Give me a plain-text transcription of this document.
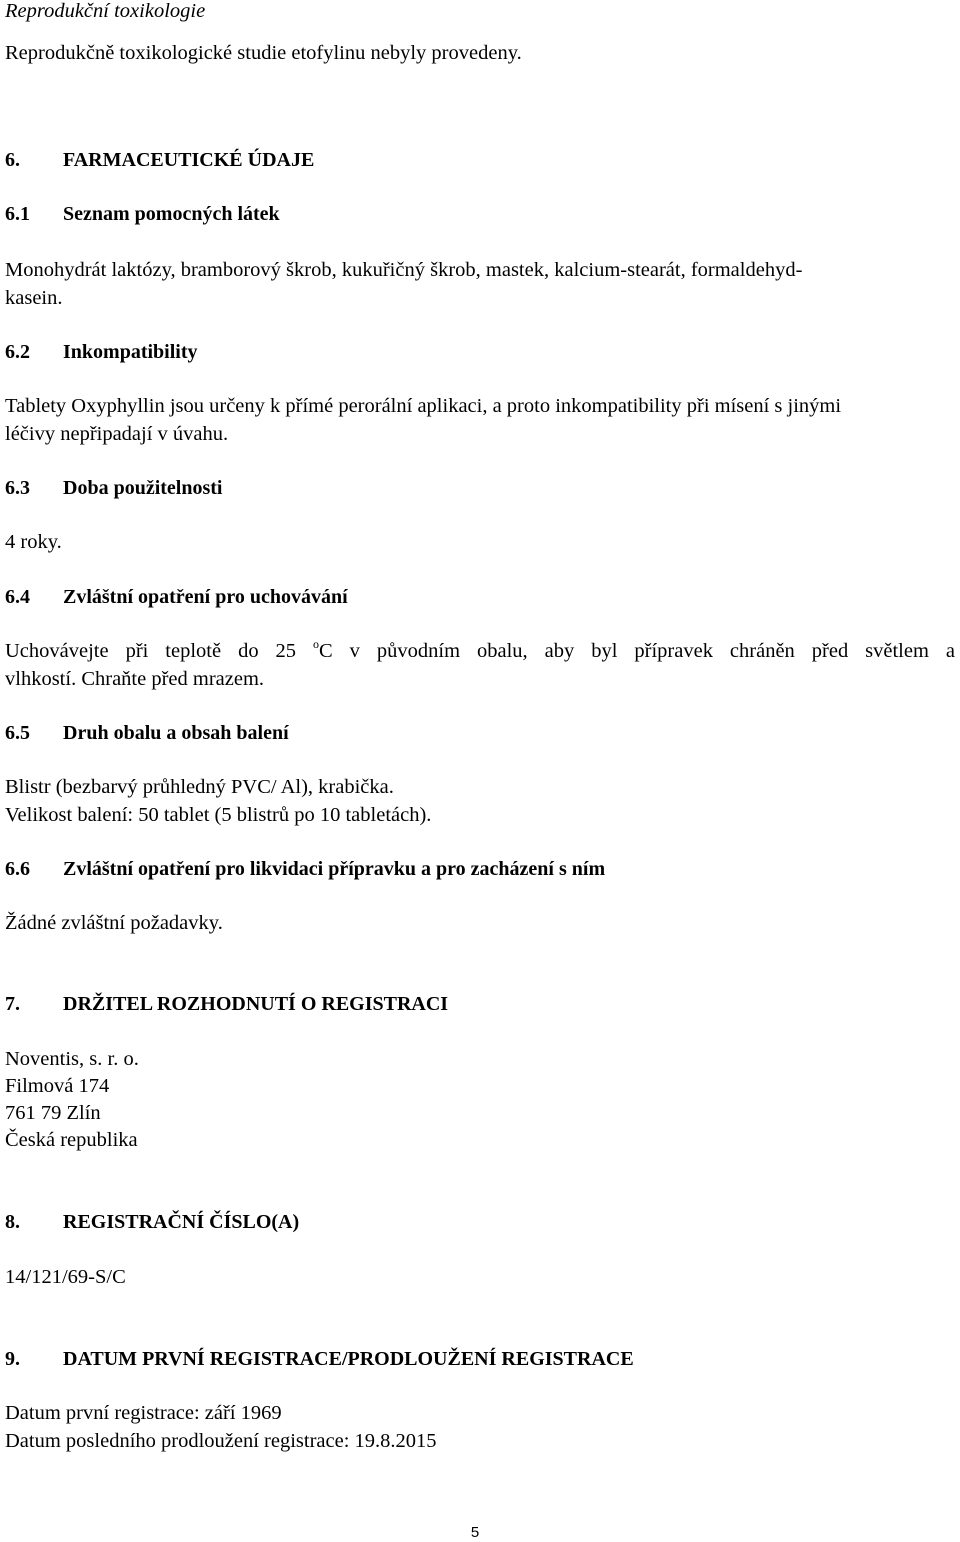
Reprodukční toxikologie
Reprodukčně toxikologické studie etofylinu nebyly provedeny.
6. FARMACEUTICKÉ ÚDAJE
6.1 Seznam pomocných látek
Monohydrát laktózy, bramborový škrob, kukuřičný škrob, mastek, kalcium-stearát, formaldehyd-
kasein.
6.2 Inkompatibility
Tablety Oxyphyllin jsou určeny k přímé perorální aplikaci, a proto inkompatibility při mísení s jinými
léčivy nepřipadají v úvahu.
6.3 Doba použitelnosti
4 roky.
6.4 Zvláštní opatření pro uchovávání
Uchovávejte při teplotě do 25 $^o$C v původním obalu, aby byl přípravek chráněn před světlem a
vlhkostí. Chraňte před mrazem.
6.5 Druh obalu a obsah balení
Blistr (bezbarvý průhledný PVC/ Al), krabička.
Velikost balení: 50 tablet (5 blistrů po 10 tabletách).
6.6 Zvláštní opatření pro likvidaci přípravku a pro zacházení s ním
Žádné zvláštní požadavky.
7. DRŽITEL ROZHODNUTÍ O REGISTRACI
Noventis, s. r. o.
Filmová 174
761 79 Zlín
Česká republika
8. REGISTRAČNÍ ČÍSLO(A)
14/121/69-S/C
9. DATUM PRVNÍ REGISTRACE/PRODLOUŽENÍ REGISTRACE
Datum první registrace: září 1969
Datum posledního prodloužení registrace: 19.8.2015
5
